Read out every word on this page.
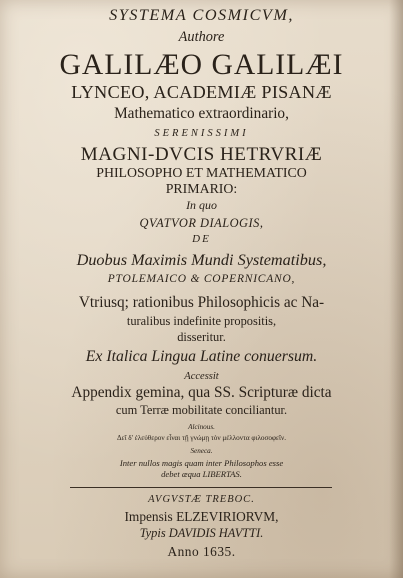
SYSTEMA COSMICVM,
Authore
GALILÆO GALILÆI
LYNCEO, ACADEMIÆ PISANÆ
Mathematico extraordinario,
SERENISSIMI
MAGNI-DVCIS HETRVRIÆ
PHILOSOPHO ET MATHEMATICO
PRIMARIO:
In quo
QVATVOR DIALOGIS,
DE
Duobus Maximis Mundi Systematibus,
PTOLEMAICO & COPERNICANO,
Vtriusq; rationibus Philosophicis ac Na-
turalibus indefinite propositis,
disseritur.
Ex Italica Lingua Latine conuersum.
Accessit
Appendix gemina, qua SS. Scripturæ dicta
cum Terræ mobilitate conciliantur.
Alcinous.
Δεῖ δ' ἐλεύθερον εἶναι τῇ γνώμῃ τὸν μέλλοντα φιλοσοφεῖν.
Seneca.
Inter nullos magis quam inter Philosophos esse
debet æqua LIBERTAS.
AVGVSTÆ TREBOC.
Impensis ELZEVIRIORVM,
Typis DAVIDIS HAVTTI.
Anno 1635.
